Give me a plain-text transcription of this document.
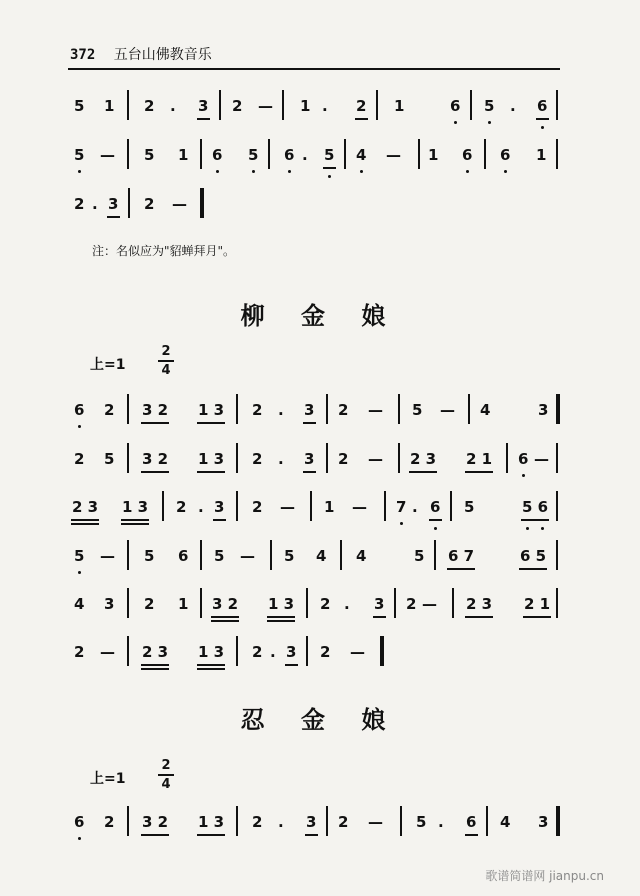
372 五台山佛教音乐
5 1 2 . 3 2 — 1 . 2 1	6 5 . 6
5 — 5 1 6 5 6 . 5 4 — 1 6 6 1
2 . 3 2 —
6 2 3 2 1 3 2 . 3 2 — 5 — 4	3
2 5 3 2 1 3 2 . 3 2 — 2 3 2 1 6 —
2 3 1 3 2 . 3 2 — 1 — 7 . 6 5	5 6
5 — 5 6 5 — 5 4 4	5 6 7	6 5
4 3 2 1 3 2 1 3 2 . 3 2 — 2 3 2 1
2 — 2 3 1 3 2 . 3 2 —
6 2 3 2 1 3 2 . 3 2 — 5 . 6 4 3
注：名似应为"貂蝉拜月"。
柳 金 娘
上=1
2
4
忍 金 娘
上=1
2
4
歌谱简谱网 jianpu.cn
